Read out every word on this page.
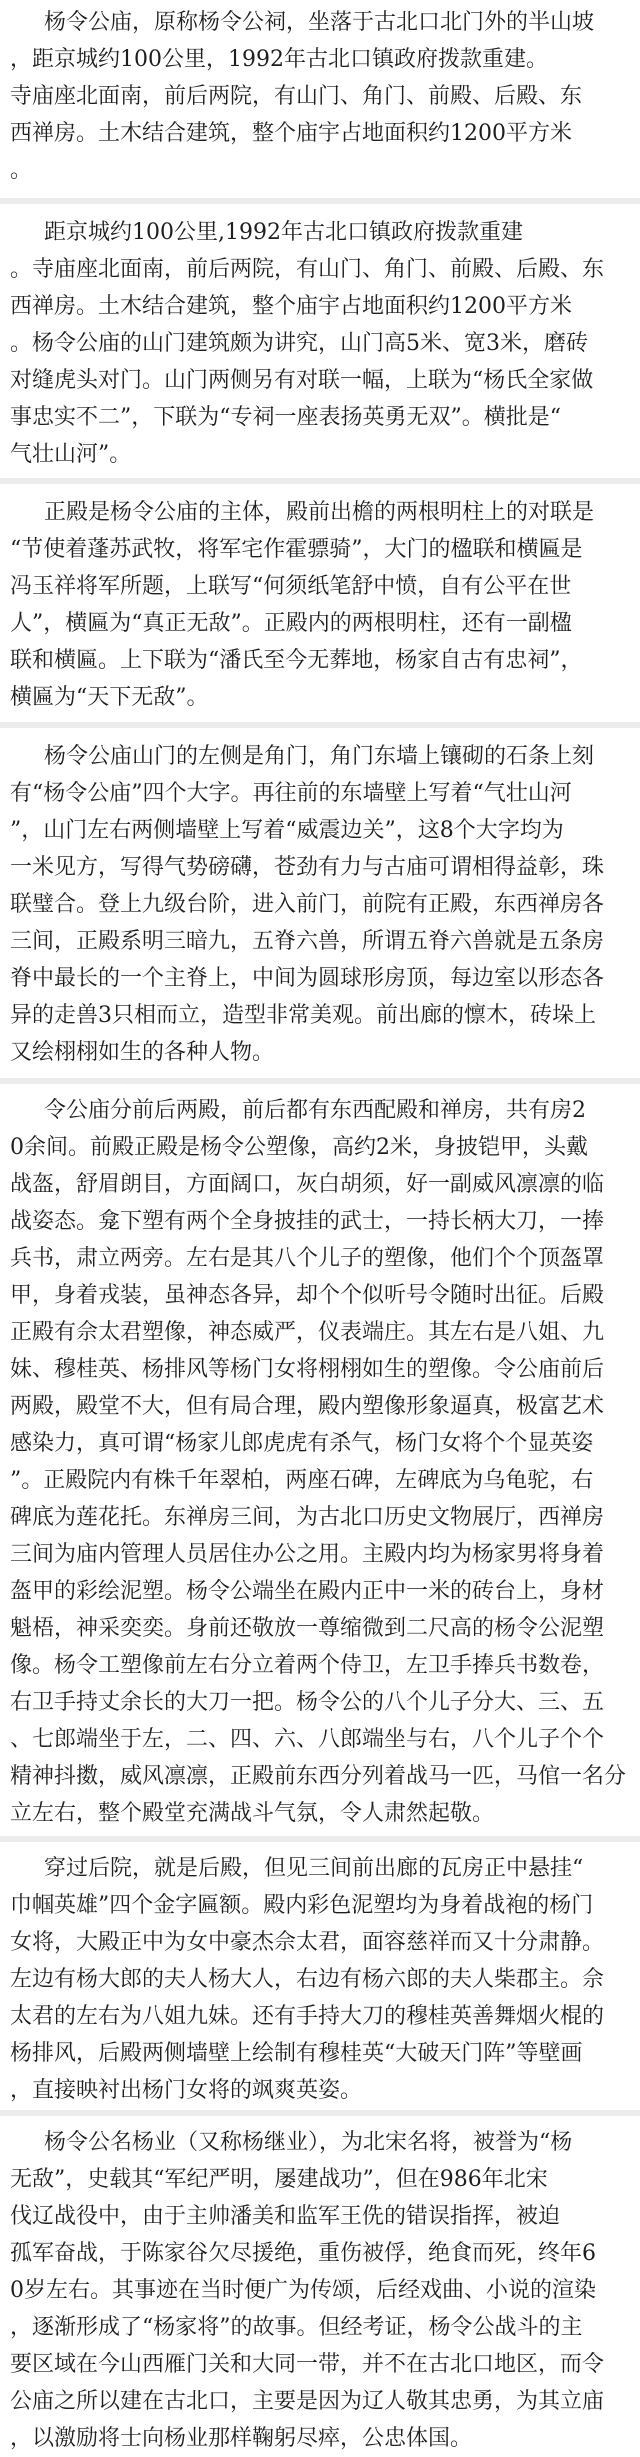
杨令公庙，原称杨令公祠，坐落于古北口北门外的半山坡
，距京城约100公里，1992年古北口镇政府拨款重建。
寺庙座北面南，前后两院，有山门、角门、前殿、后殿、东
西禅房。土木结合建筑，整个庙宇占地面积约1200平方米
。
距京城约100公里,1992年古北口镇政府拨款重建
。寺庙座北面南，前后两院，有山门、角门、前殿、后殿、东
西禅房。土木结合建筑，整个庙宇占地面积约1200平方米
。杨令公庙的山门建筑颇为讲究，山门高5米、宽3米，磨砖
对缝虎头对门。山门两侧另有对联一幅，上联为“杨氏全家做
事忠实不二”，下联为“专祠一座表扬英勇无双”。横批是“
气壮山河”。
正殿是杨令公庙的主体，殿前出檐的两根明柱上的对联是
“节使着蓬苏武牧，将军宅作霍骠骑”，大门的楹联和横匾是
冯玉祥将军所题，上联写“何须纸笔舒中愤，自有公平在世
人”，横匾为“真正无敌”。正殿内的两根明柱，还有一副楹
联和横匾。上下联为“潘氏至今无葬地，杨家自古有忠祠”，
横匾为“天下无敌”。
杨令公庙山门的左侧是角门，角门东墙上镶砌的石条上刻
有“杨令公庙”四个大字。再往前的东墙壁上写着“气壮山河
”，山门左右两侧墙壁上写着“威震边关”，这8个大字均为
一米见方，写得气势磅礴，苍劲有力与古庙可谓相得益彰，珠
联璧合。登上九级台阶，进入前门，前院有正殿，东西禅房各
三间，正殿系明三暗九，五脊六兽，所谓五脊六兽就是五条房
脊中最长的一个主脊上，中间为圆球形房顶，每边室以形态各
异的走兽3只相而立，造型非常美观。前出廊的懔木，砖垛上
又绘栩栩如生的各种人物。
令公庙分前后两殿，前后都有东西配殿和禅房，共有房2
0余间。前殿正殿是杨令公塑像，高约2米，身披铠甲，头戴
战盔，舒眉朗目，方面阔口，灰白胡须，好一副威风凛凛的临
战姿态。龛下塑有两个全身披挂的武士，一持长柄大刀，一捧
兵书，肃立两旁。左右是其八个儿子的塑像，他们个个顶盔罩
甲，身着戎装，虽神态各异，却个个似听号令随时出征。后殿
正殿有佘太君塑像，神态威严，仪表端庄。其左右是八姐、九
妹、穆桂英、杨排风等杨门女将栩栩如生的塑像。令公庙前后
两殿，殿堂不大，但有局合理，殿内塑像形象逼真，极富艺术
感染力，真可谓“杨家儿郎虎虎有杀气，杨门女将个个显英姿
”。正殿院内有株千年翠柏，两座石碑，左碑底为乌龟驼，右
碑底为莲花托。东禅房三间，为古北口历史文物展厅，西禅房
三间为庙内管理人员居住办公之用。主殿内均为杨家男将身着
盔甲的彩绘泥塑。杨令公端坐在殿内正中一米的砖台上，身材
魁梧，神采奕奕。身前还敬放一尊缩微到二尺高的杨令公泥塑
像。杨令工塑像前左右分立着两个侍卫，左卫手捧兵书数卷，
右卫手持丈余长的大刀一把。杨令公的八个儿子分大、三、五
、七郎端坐于左，二、四、六、八郎端坐与右，八个儿子个个
精神抖擞，威风凛凛，正殿前东西分列着战马一匹，马倌一名分
立左右，整个殿堂充满战斗气氛，令人肃然起敬。
穿过后院，就是后殿，但见三间前出廊的瓦房正中悬挂“
巾帼英雄”四个金字匾额。殿内彩色泥塑均为身着战袍的杨门
女将，大殿正中为女中豪杰佘太君，面容慈祥而又十分肃静。
左边有杨大郎的夫人杨大人，右边有杨六郎的夫人柴郡主。佘
太君的左右为八姐九妹。还有手持大刀的穆桂英善舞烟火棍的
杨排风，后殿两侧墙壁上绘制有穆桂英“大破天门阵”等壁画
，直接映衬出杨门女将的飒爽英姿。
杨令公名杨业（又称杨继业），为北宋名将，被誉为“杨
无敌”，史载其“军纪严明，屡建战功”，但在986年北宋
伐辽战役中，由于主帅潘美和监军王侁的错误指挥，被迫
孤军奋战，于陈家谷欠尽援绝，重伤被俘，绝食而死，终年6
0岁左右。其事迹在当时便广为传颂，后经戏曲、小说的渲染
，逐渐形成了“杨家将”的故事。但经考证，杨令公战斗的主
要区域在今山西雁门关和大同一带，并不在古北口地区，而令
公庙之所以建在古北口，主要是因为辽人敬其忠勇，为其立庙
，以激励将士向杨业那样鞠躬尽瘁，公忠体国。
